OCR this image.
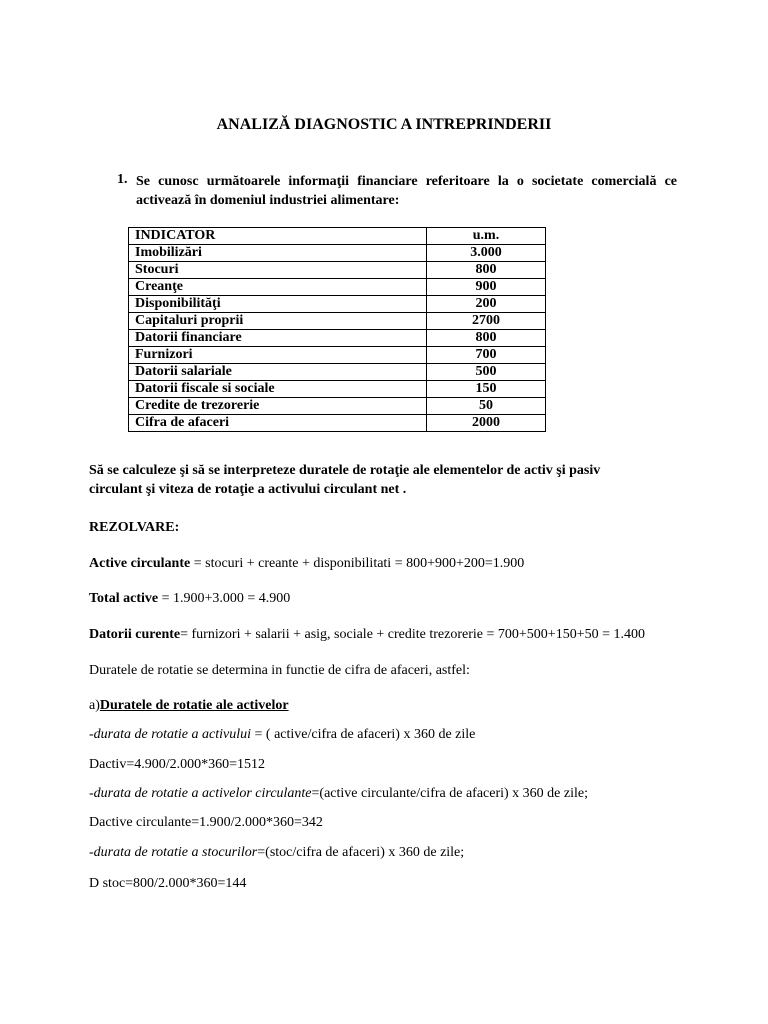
ANALIZĂ DIAGNOSTIC A INTREPRINDERII
1. Se cunosc următoarele informaţii financiare referitoare la o societate comercială ce activează în domeniul industriei alimentare:
INDICATOR	u.m.
Imobilizări	3.000
Stocuri	800
Creanţe	900
Disponibilităţi	200
Capitaluri proprii	2700
Datorii financiare	800
Furnizori	700
Datorii salariale	500
Datorii fiscale si sociale	150
Credite de trezorerie	50
Cifra de afaceri	2000
Să se calculeze şi să se interpreteze duratele de rotaţie ale elementelor de activ şi pasiv
circulant şi viteza de rotaţie a activului circulant net .
REZOLVARE:
Active circulante = stocuri + creante + disponibilitati = 800+900+200=1.900
Total active = 1.900+3.000 = 4.900
Datorii curente= furnizori + salarii + asig, sociale + credite trezorerie = 700+500+150+50 = 1.400
Duratele de rotatie se determina in functie de cifra de afaceri, astfel:
a)Duratele de rotatie ale activelor
-durata de rotatie a activului = ( active/cifra de afaceri) x 360 de zile
Dactiv=4.900/2.000*360=1512
-durata de rotatie a activelor circulante=(active circulante/cifra de afaceri) x 360 de zile;
Dactive circulante=1.900/2.000*360=342
-durata de rotatie a stocurilor=(stoc/cifra de afaceri) x 360 de zile;
D stoc=800/2.000*360=144
